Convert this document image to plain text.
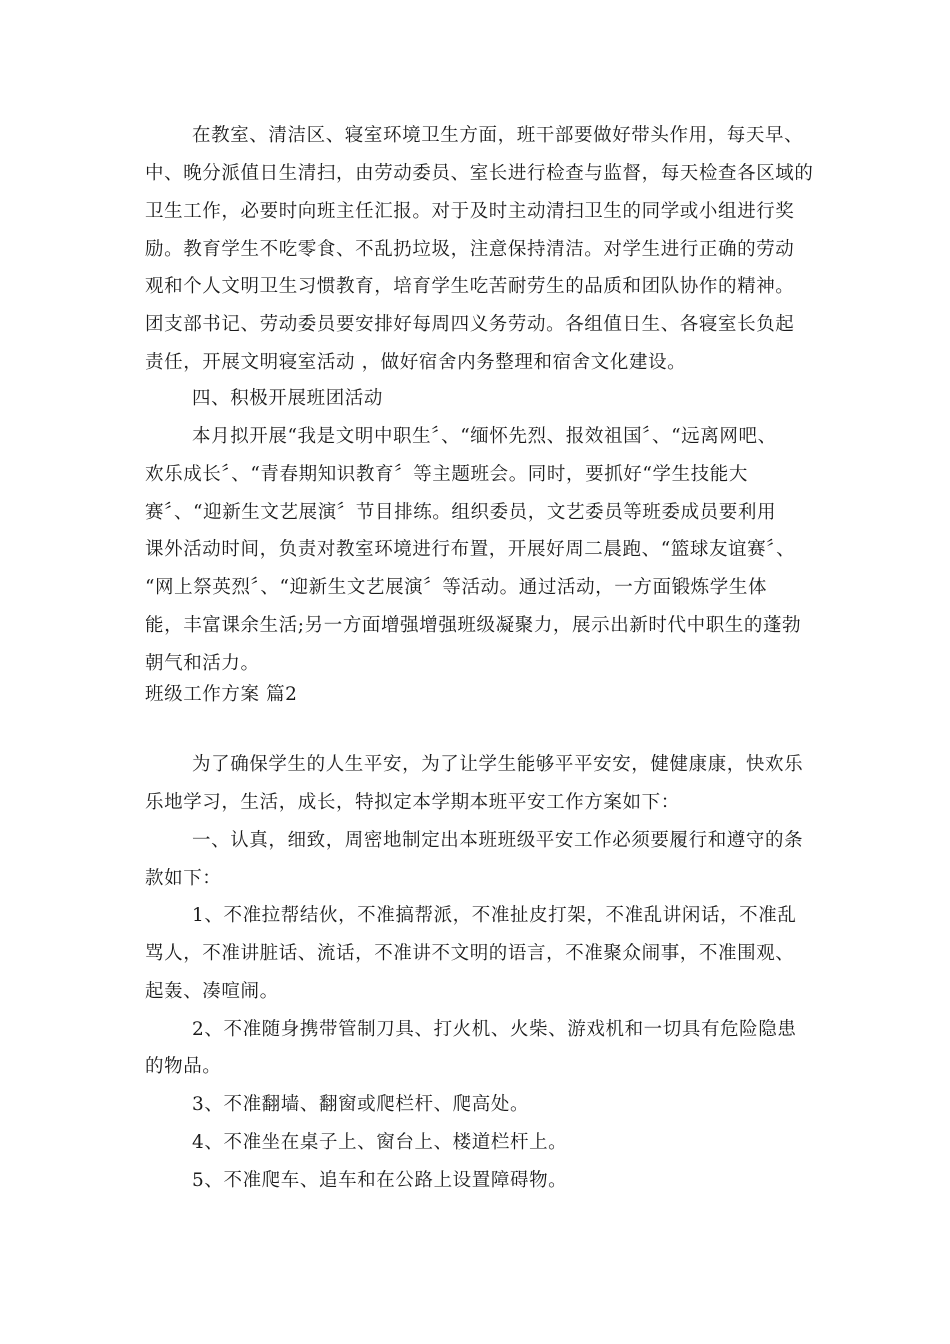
在教室、清洁区、寝室环境卫生方面，班干部要做好带头作用，每天早、
中、晚分派值日生清扫，由劳动委员、室长进行检查与监督，每天检查各区域的
卫生工作，必要时向班主任汇报。对于及时主动清扫卫生的同学或小组进行奖
励。教育学生不吃零食、不乱扔垃圾，注意保持清洁。对学生进行正确的劳动
观和个人文明卫生习惯教育，培育学生吃苦耐劳生的品质和团队协作的精神。
团支部书记、劳动委员要安排好每周四义务劳动。各组值日生、各寝室长负起
责任，开展文明寝室活动 ，做好宿舍内务整理和宿舍文化建设。
四、积极开展班团活动
本月拟开展“我是文明中职生〞、“缅怀先烈、报效祖国〞、“远离网吧、
欢乐成长〞、“青春期知识教育〞等主题班会。同时，要抓好“学生技能大
赛〞、“迎新生文艺展演〞节目排练。组织委员，文艺委员等班委成员要利用
课外活动时间，负责对教室环境进行布置，开展好周二晨跑、“篮球友谊赛〞、
“网上祭英烈〞、“迎新生文艺展演〞等活动。通过活动，一方面锻炼学生体
能，丰富课余生活;另一方面增强增强班级凝聚力，展示出新时代中职生的蓬勃
朝气和活力。
班级工作方案 篇2
为了确保学生的人生平安，为了让学生能够平平安安，健健康康，快欢乐
乐地学习，生活，成长，特拟定本学期本班平安工作方案如下：
一、认真，细致，周密地制定出本班班级平安工作必须要履行和遵守的条
款如下：
1、不准拉帮结伙，不准搞帮派，不准扯皮打架，不准乱讲闲话，不准乱
骂人，不准讲脏话、流话，不准讲不文明的语言，不准聚众闹事，不准围观、
起轰、凑喧闹。
2、不准随身携带管制刀具、打火机、火柴、游戏机和一切具有危险隐患
的物品。
3、不准翻墙、翻窗或爬栏杆、爬高处。
4、不准坐在桌子上、窗台上、楼道栏杆上。
5、不准爬车、追车和在公路上设置障碍物。
